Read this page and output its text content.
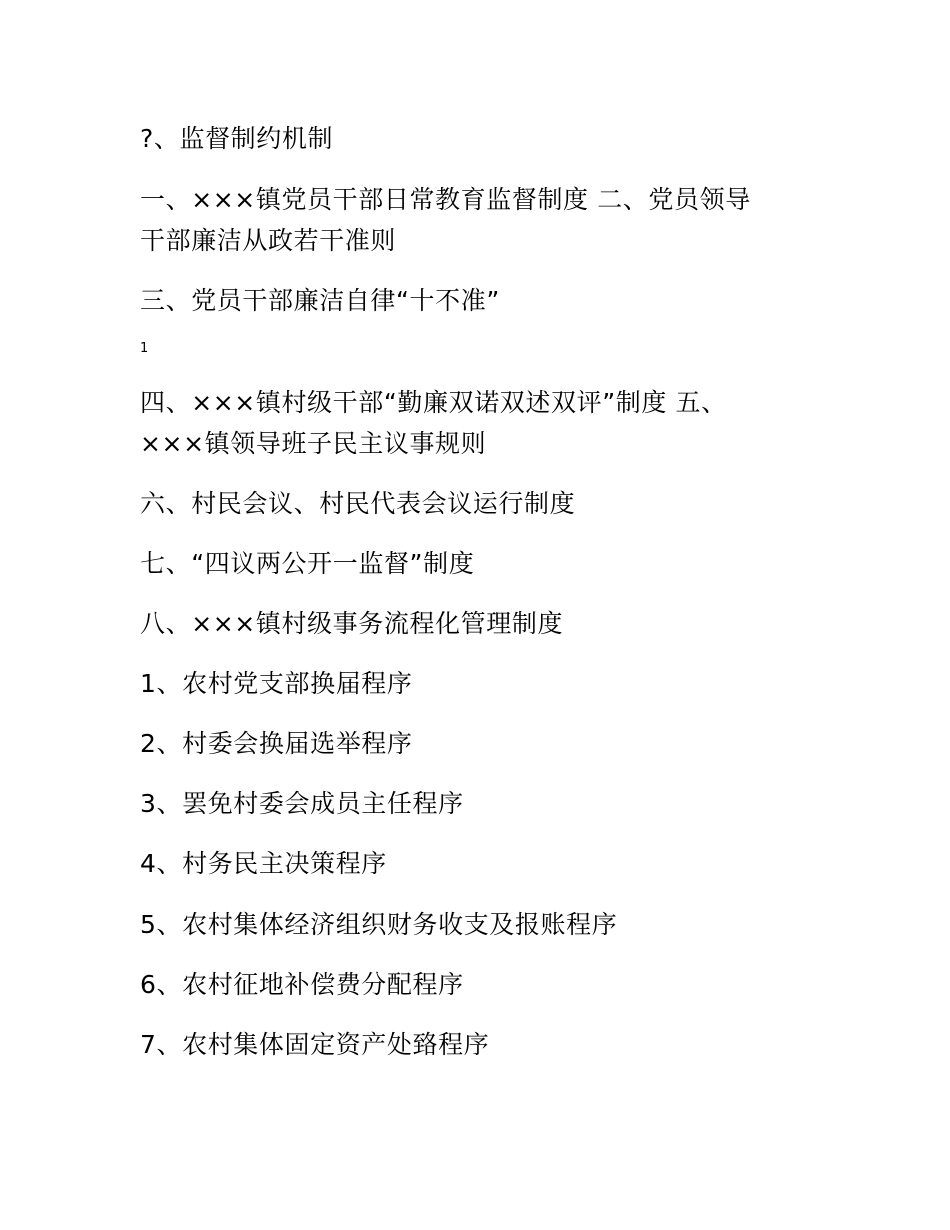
?、监督制约机制
一、×××镇党员干部日常教育监督制度 二、党员领导
干部廉洁从政若干准则
三、党员干部廉洁自律“十不准”
1
四、×××镇村级干部“勤廉双诺双述双评”制度 五、
×××镇领导班子民主议事规则
六、村民会议、村民代表会议运行制度
七、“四议两公开一监督”制度
八、×××镇村级事务流程化管理制度
1、农村党支部换届程序
2、村委会换届选举程序
3、罢免村委会成员主任程序
4、村务民主决策程序
5、农村集体经济组织财务收支及报账程序
6、农村征地补偿费分配程序
7、农村集体固定资产处臵程序
